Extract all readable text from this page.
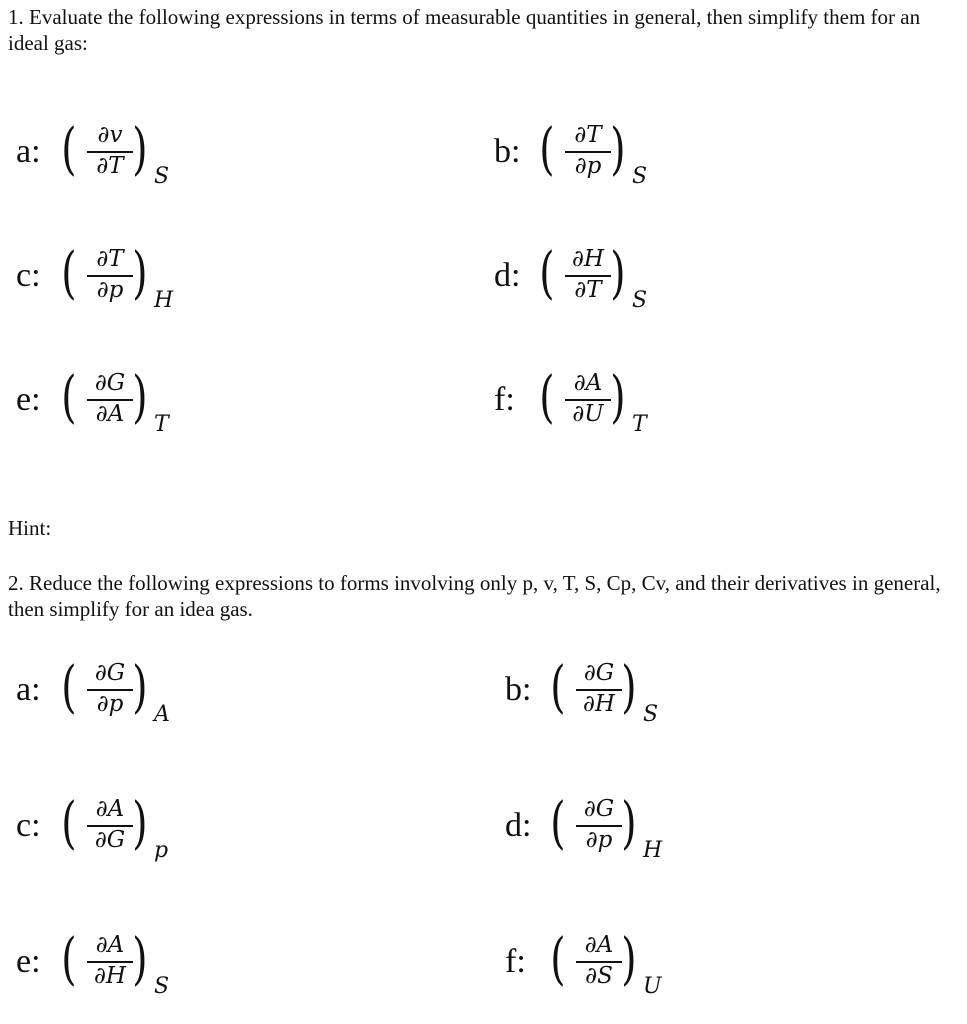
1. Evaluate the following expressions in terms of measurable quantities in general, then simplify them for an ideal gas:
a: ( ∂v
∂T ) S
b: ( ∂T
∂p ) S
c: ( ∂T
∂p ) H
d: ( ∂H
∂T ) S
e: ( ∂G
∂A ) T
f: ( ∂A
∂U ) T
Hint:
2. Reduce the following expressions to forms involving only p, v, T, S, Cp, Cv, and their derivatives in general, then simplify for an idea gas.
a: ( ∂G
∂p ) A
b: ( ∂G
∂H ) S
c: ( ∂A
∂G ) p
d: ( ∂G
∂p ) H
e: ( ∂A
∂H ) S
f: ( ∂A
∂S ) U
